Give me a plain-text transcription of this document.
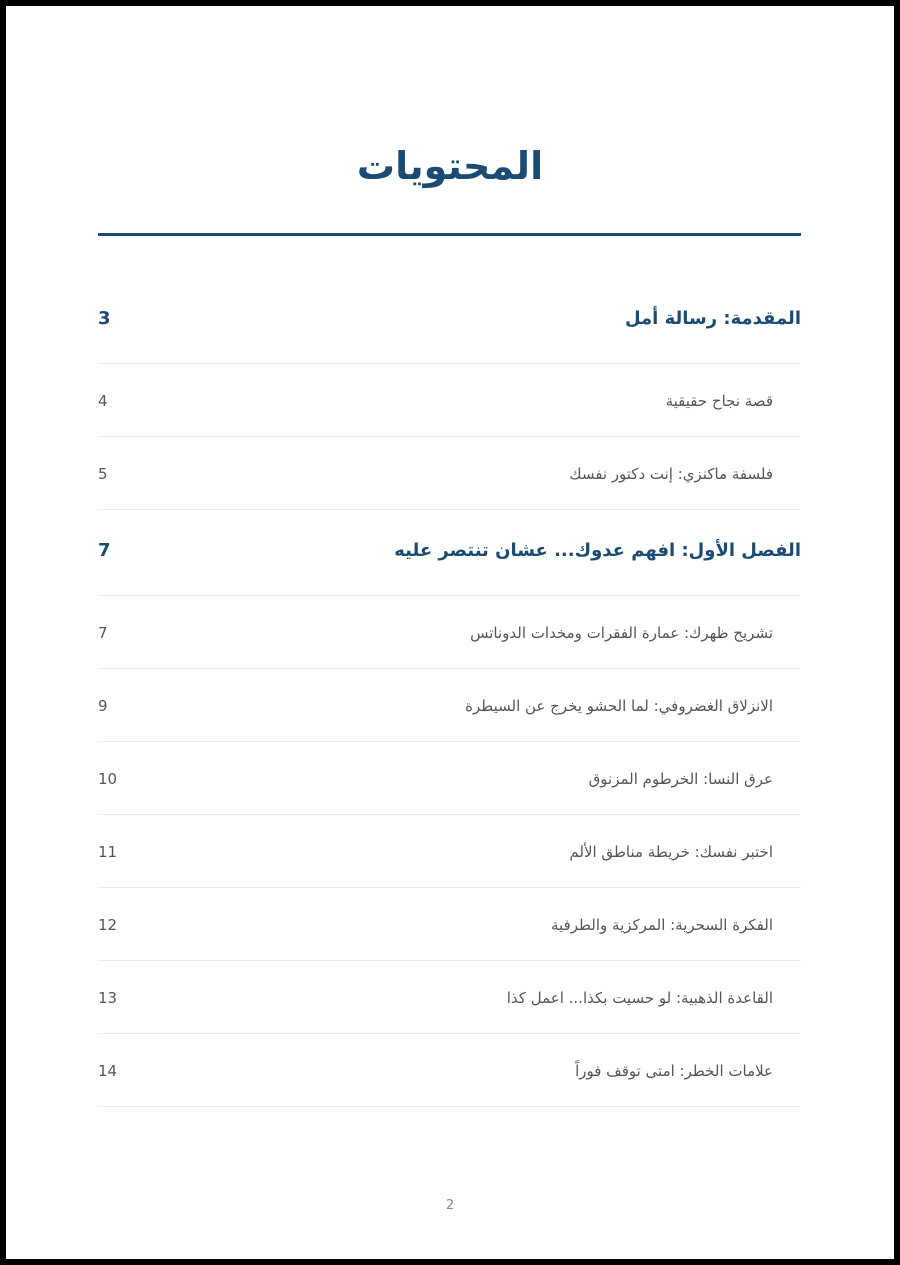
المحتويات
المقدمة: رسالة أمل
3
قصة نجاح حقيقية
4
فلسفة ماكنزي: إنت دكتور نفسك
5
الفصل الأول: افهم عدوك... عشان تنتصر عليه
7
تشريح ظهرك: عمارة الفقرات ومخدات الدوناتس
7
الانزلاق الغضروفي: لما الحشو يخرج عن السيطرة
9
عرق النسا: الخرطوم المزنوق
10
اختبر نفسك: خريطة مناطق الألم
11
الفكرة السحرية: المركزية والطرفية
12
القاعدة الذهبية: لو حسيت بكذا... اعمل كذا
13
علامات الخطر: امتى توقف فوراً
14
2
